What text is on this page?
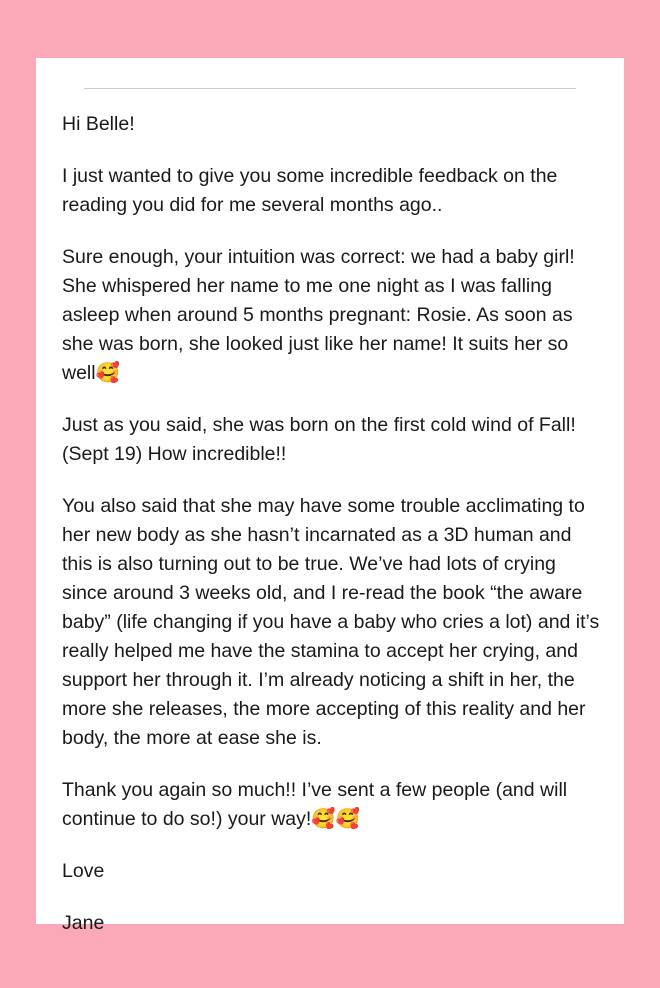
Hi Belle!

I just wanted to give you some incredible feedback on the reading you did for me several months ago..

Sure enough, your intuition was correct: we had a baby girl! She whispered her name to me one night as I was falling asleep when around 5 months pregnant: Rosie. As soon as she was born, she looked just like her name! It suits her so well🥰

Just as you said, she was born on the first cold wind of Fall! (Sept 19) How incredible!!

You also said that she may have some trouble acclimating to her new body as she hasn’t incarnated as a 3D human and this is also turning out to be true. We’ve had lots of crying since around 3 weeks old, and I re-read the book “the aware baby” (life changing if you have a baby who cries a lot) and it’s really helped me have the stamina to accept her crying, and support her through it. I’m already noticing a shift in her, the more she releases, the more accepting of this reality and her body, the more at ease she is.

Thank you again so much!! I’ve sent a few people (and will continue to do so!) your way!🥰🥰

Love

Jane
